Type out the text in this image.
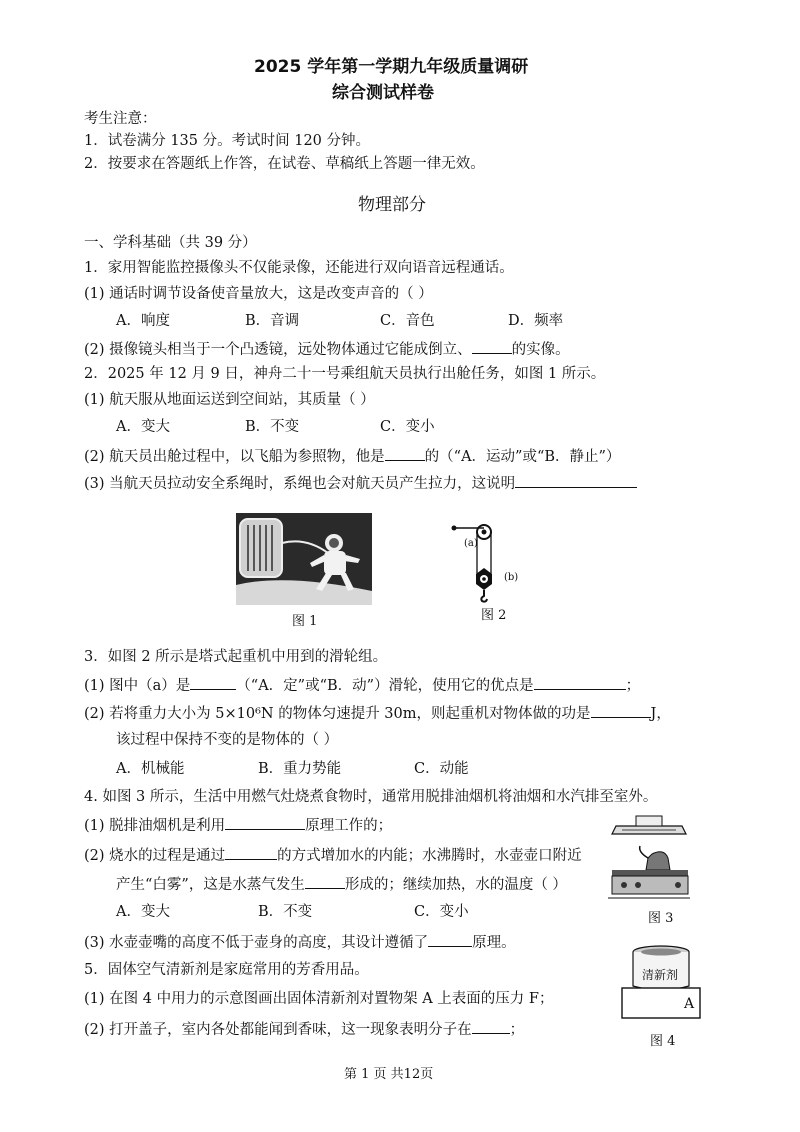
2025 学年第一学期九年级质量调研
综合测试样卷
考生注意：
1．试卷满分 135 分。考试时间 120 分钟。
2．按要求在答题纸上作答，在试卷、草稿纸上答题一律无效。
物理部分
一、学科基础（共 39 分）
1．家用智能监控摄像头不仅能录像，还能进行双向语音远程通话。
(1) 通话时调节设备使音量放大，这是改变声音的（ ）
A．响度	B．音调	C．音色	D．频率
(2) 摄像镜头相当于一个凸透镜，远处物体通过它能成倒立、	的实像。
2．2025 年 12 月 9 日，神舟二十一号乘组航天员执行出舱任务，如图 1 所示。
(1) 航天服从地面运送到空间站，其质量（ ）
A．变大	B．不变	C．变小
(2) 航天员出舱过程中，以飞船为参照物，他是	的（“A．运动”或“B．静止”）
(3) 当航天员拉动安全系绳时，系绳也会对航天员产生拉力，这说明
图 1
(a)
(b)
图 2
3．如图 2 所示是塔式起重机中用到的滑轮组。
(1) 图中（a）是	（“A．定”或“B．动”）滑轮，使用它的优点是	；
(2) 若将重力大小为 5×10⁶N 的物体匀速提升 30m，则起重机对物体做的功是	J，
该过程中保持不变的是物体的（ ）
A．机械能	B．重力势能	C．动能
4. 如图 3 所示，生活中用燃气灶烧煮食物时，通常用脱排油烟机将油烟和水汽排至室外。
(1) 脱排油烟机是利用	原理工作的；
(2) 烧水的过程是通过	的方式增加水的内能；水沸腾时，水壶壶口附近
产生“白雾”，这是水蒸气发生	形成的；继续加热，水的温度（ ）
A．变大	B．不变	C．变小
(3) 水壶壶嘴的高度不低于壶身的高度，其设计遵循了	原理。
图 3
5．固体空气清新剂是家庭常用的芳香用品。
(1) 在图 4 中用力的示意图画出固体清新剂对置物架 A 上表面的压力 F；
(2) 打开盖子，室内各处都能闻到香味，这一现象表明分子在	；
清新剂
A
图 4
第 1 页 共12页
